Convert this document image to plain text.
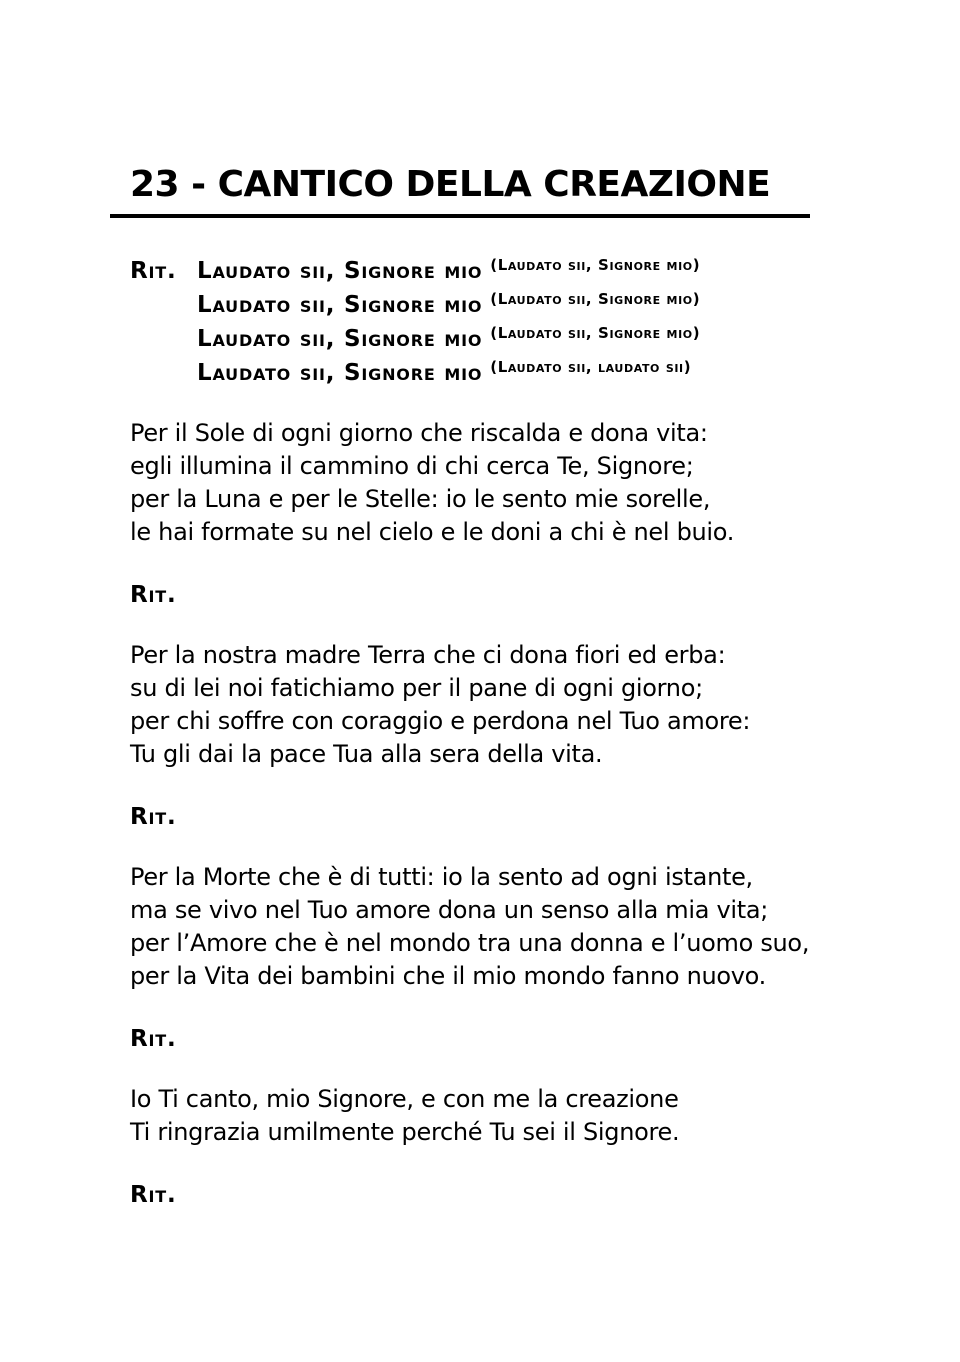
23 - CANTICO DELLA CREAZIONE
Rit. Laudato sii, Signore mio (Laudato sii, Signore mio)
Laudato sii, Signore mio (Laudato sii, Signore mio)
Laudato sii, Signore mio (Laudato sii, Signore mio)
Laudato sii, Signore mio (Laudato sii, laudato sii)
Per il Sole di ogni giorno che riscalda e dona vita:
egli illumina il cammino di chi cerca Te, Signore;
per la Luna e per le Stelle: io le sento mie sorelle,
le hai formate su nel cielo e le doni a chi è nel buio.
Rit.
Per la nostra madre Terra che ci dona fiori ed erba:
su di lei noi fatichiamo per il pane di ogni giorno;
per chi soffre con coraggio e perdona nel Tuo amore:
Tu gli dai la pace Tua alla sera della vita.
Rit.
Per la Morte che è di tutti: io la sento ad ogni istante,
ma se vivo nel Tuo amore dona un senso alla mia vita;
per l’Amore che è nel mondo tra una donna e l’uomo suo,
per la Vita dei bambini che il mio mondo fanno nuovo.
Rit.
Io Ti canto, mio Signore, e con me la creazione
Ti ringrazia umilmente perché Tu sei il Signore.
Rit.
